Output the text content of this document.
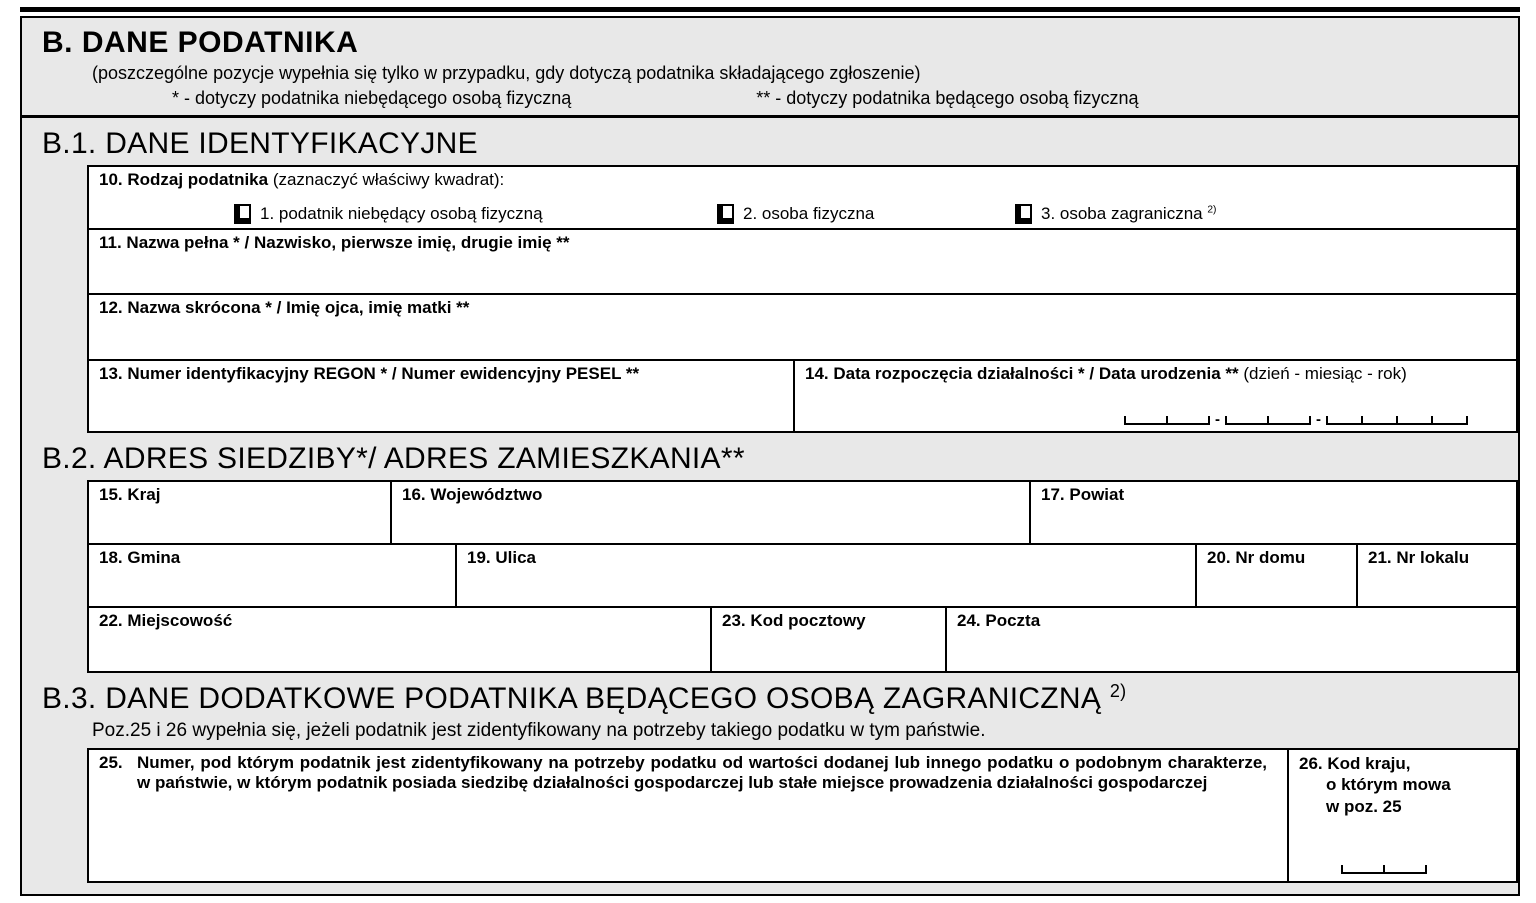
B. DANE PODATNIKA
(poszczególne pozycje wypełnia się tylko w przypadku, gdy dotyczą podatnika składającego zgłoszenie)
* - dotyczy podatnika niebędącego osobą fizyczną	** - dotyczy podatnika będącego osobą fizyczną
B.1. DANE IDENTYFIKACYJNE
10. Rodzaj podatnika (zaznaczyć właściwy kwadrat):
1. podatnik niebędący osobą fizyczną	2. osoba fizyczna	3. osoba zagraniczna $^{2)}$
11. Nazwa pełna * / Nazwisko, pierwsze imię, drugie imię **
12. Nazwa skrócona * / Imię ojca, imię matki **
13. Numer identyfikacyjny REGON * / Numer ewidencyjny PESEL **	14. Data rozpoczęcia działalności * / Data urodzenia ** (dzień - miesiąc - rok)
-	-
B.2. ADRES SIEDZIBY*/ ADRES ZAMIESZKANIA**
15. Kraj	16. Województwo	17. Powiat
18. Gmina	19. Ulica	20. Nr domu	21. Nr lokalu
22. Miejscowość	23. Kod pocztowy	24. Poczta
B.3. DANE DODATKOWE PODATNIKA BĘDĄCEGO OSOBĄ ZAGRANICZNĄ $^{2)}$
Poz.25 i 26 wypełnia się, jeżeli podatnik jest zidentyfikowany na potrzeby takiego podatku w tym państwie.
25. Numer, pod którym podatnik jest zidentyfikowany na potrzeby podatku od wartości dodanej lub innego podatku o podobnym charakterze, w państwie, w którym podatnik posiada siedzibę działalności gospodarczej lub stałe miejsce prowadzenia działalności gospodarczej
26. Kod kraju,
o którym mowa
w poz. 25
